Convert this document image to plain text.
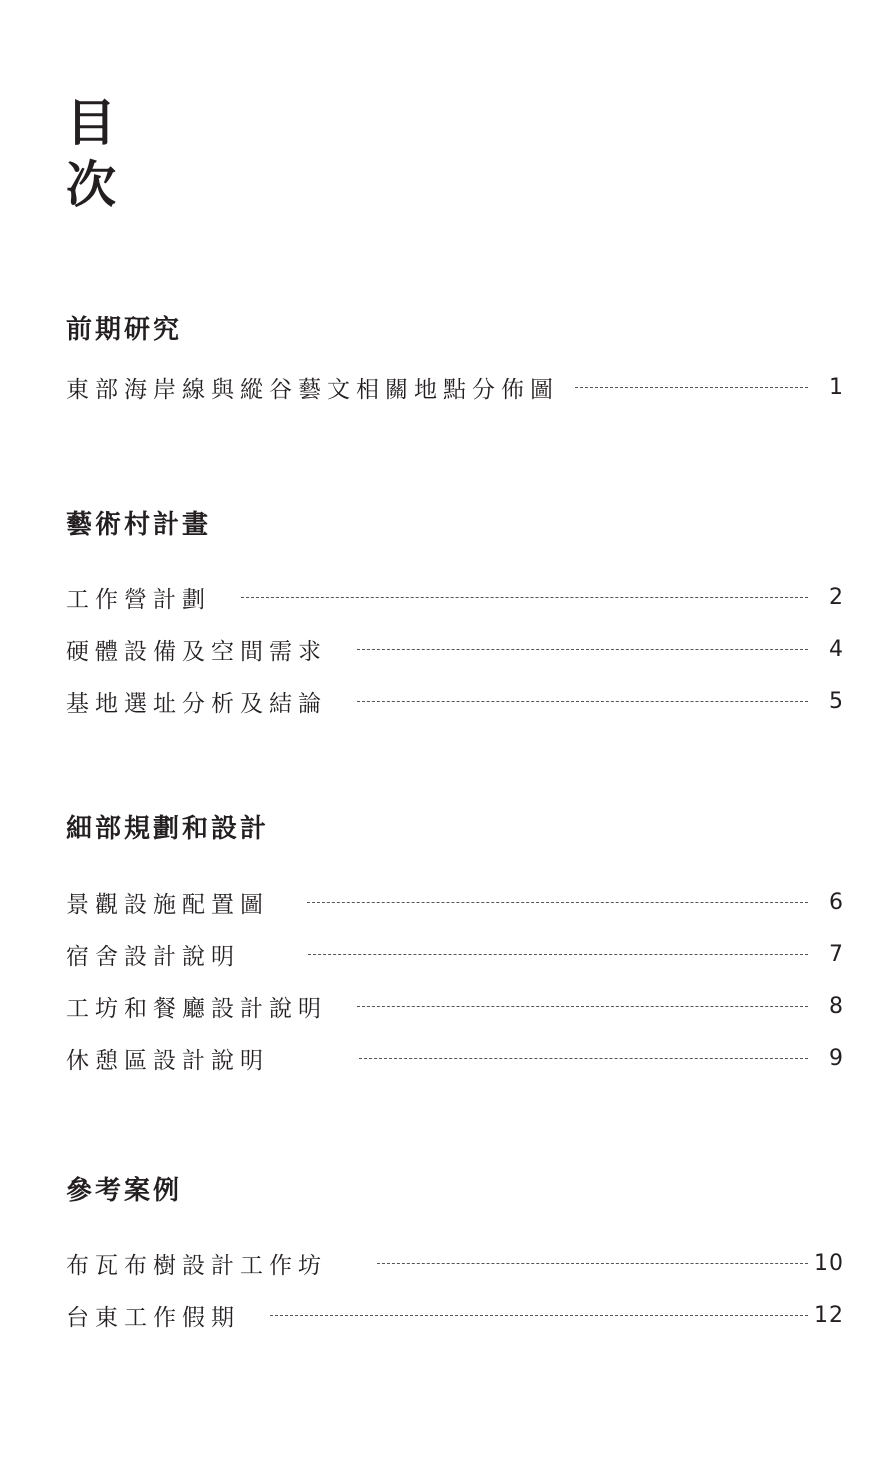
目
次
前期研究
東部海岸線與縱谷藝文相關地點分佈圖	1
藝術村計畫
工作營計劃	2
硬體設備及空間需求	4
基地選址分析及結論	5
細部規劃和設計
景觀設施配置圖	6
宿舍設計說明	7
工坊和餐廳設計說明	8
休憩區設計說明	9
參考案例
布瓦布樹設計工作坊	10
台東工作假期	12
